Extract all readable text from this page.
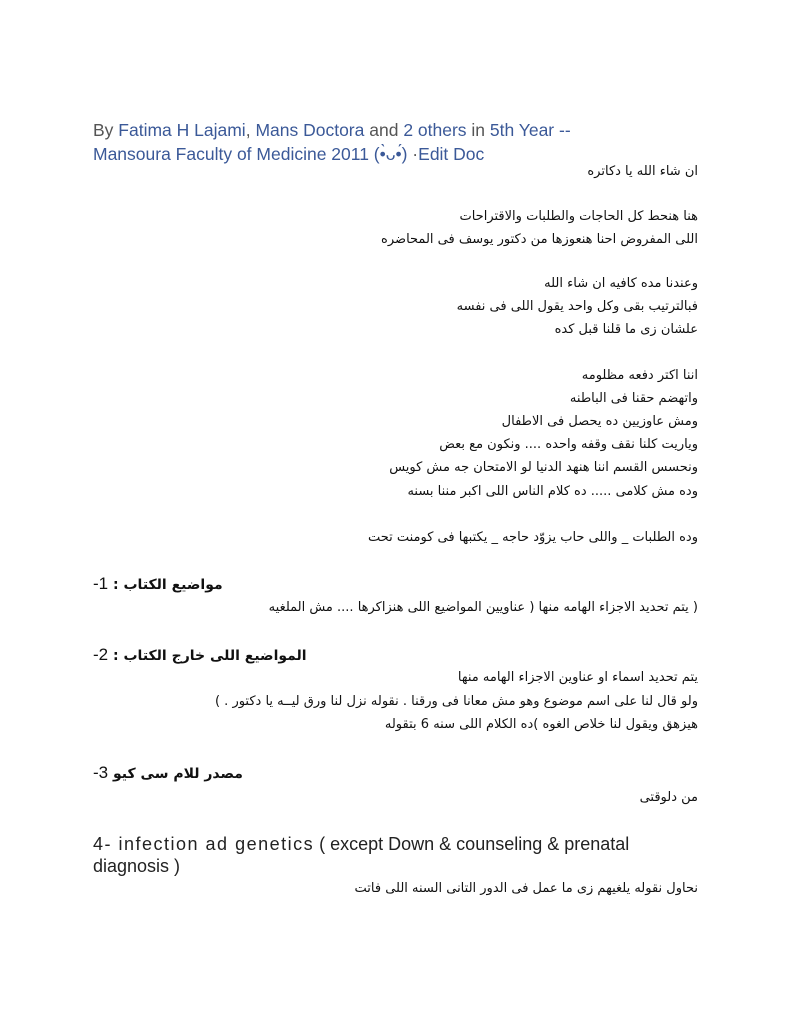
By Fatima H Lajami, Mans Doctora and 2 others in 5th Year -- Mansoura Faculty of Medicine 2011 (•̀ᴗ•́) ·Edit Doc
ان شاء الله يا دكاتره
هنا هنحط كل الحاجات والطلبات والاقتراحات
اللى المفروض احنا هنعوزها من دكتور يوسف فى المحاضره
وعندنا مده كافيه ان شاء الله
فبالترتيب بقى وكل واحد يقول اللى فى نفسه
علشان زى ما قلنا قبل كده
اننا اكتر دفعه مظلومه
واتهضم حقنا فى الباطنه
ومش عاوزيين ده يحصل فى الاطفال
وياريت كلنا نقف وقفه واحده .... ونكون مع بعض
ونحسس القسم اننا هنهد الدنيا لو الامتحان جه مش كويس
وده مش كلامى ..... ده كلام الناس اللى اكبر مننا بسنه
وده الطلبات _ واللى حاب يزوّد حاجه _ يكتبها فى كومنت تحت
مواضيع الكتاب : 1-
( يتم تحديد الاجزاء الهامه منها ( عناويين المواضيع اللى هنزاكرها .... مش الملغيه
المواضيع اللى خارج الكتاب : 2-
يتم تحديد اسماء او عناوين الاجزاء الهامه منها
ولو قال لنا على اسم موضوع وهو مش معانا فى ورقنا . نقوله نزل لنا ورق ليــه يا دكتور . )
هيزهق ويقول لنا خلاص الغوه )ده الكلام اللى سنه 6 بتقوله
مصدر للام سى كيو 3-
من دلوقتى
4- infection ad genetics ( except Down & counseling & prenatal diagnosis )
نحاول نقوله يلغيهم زى ما عمل فى الدور التانى السنه اللى فاتت
